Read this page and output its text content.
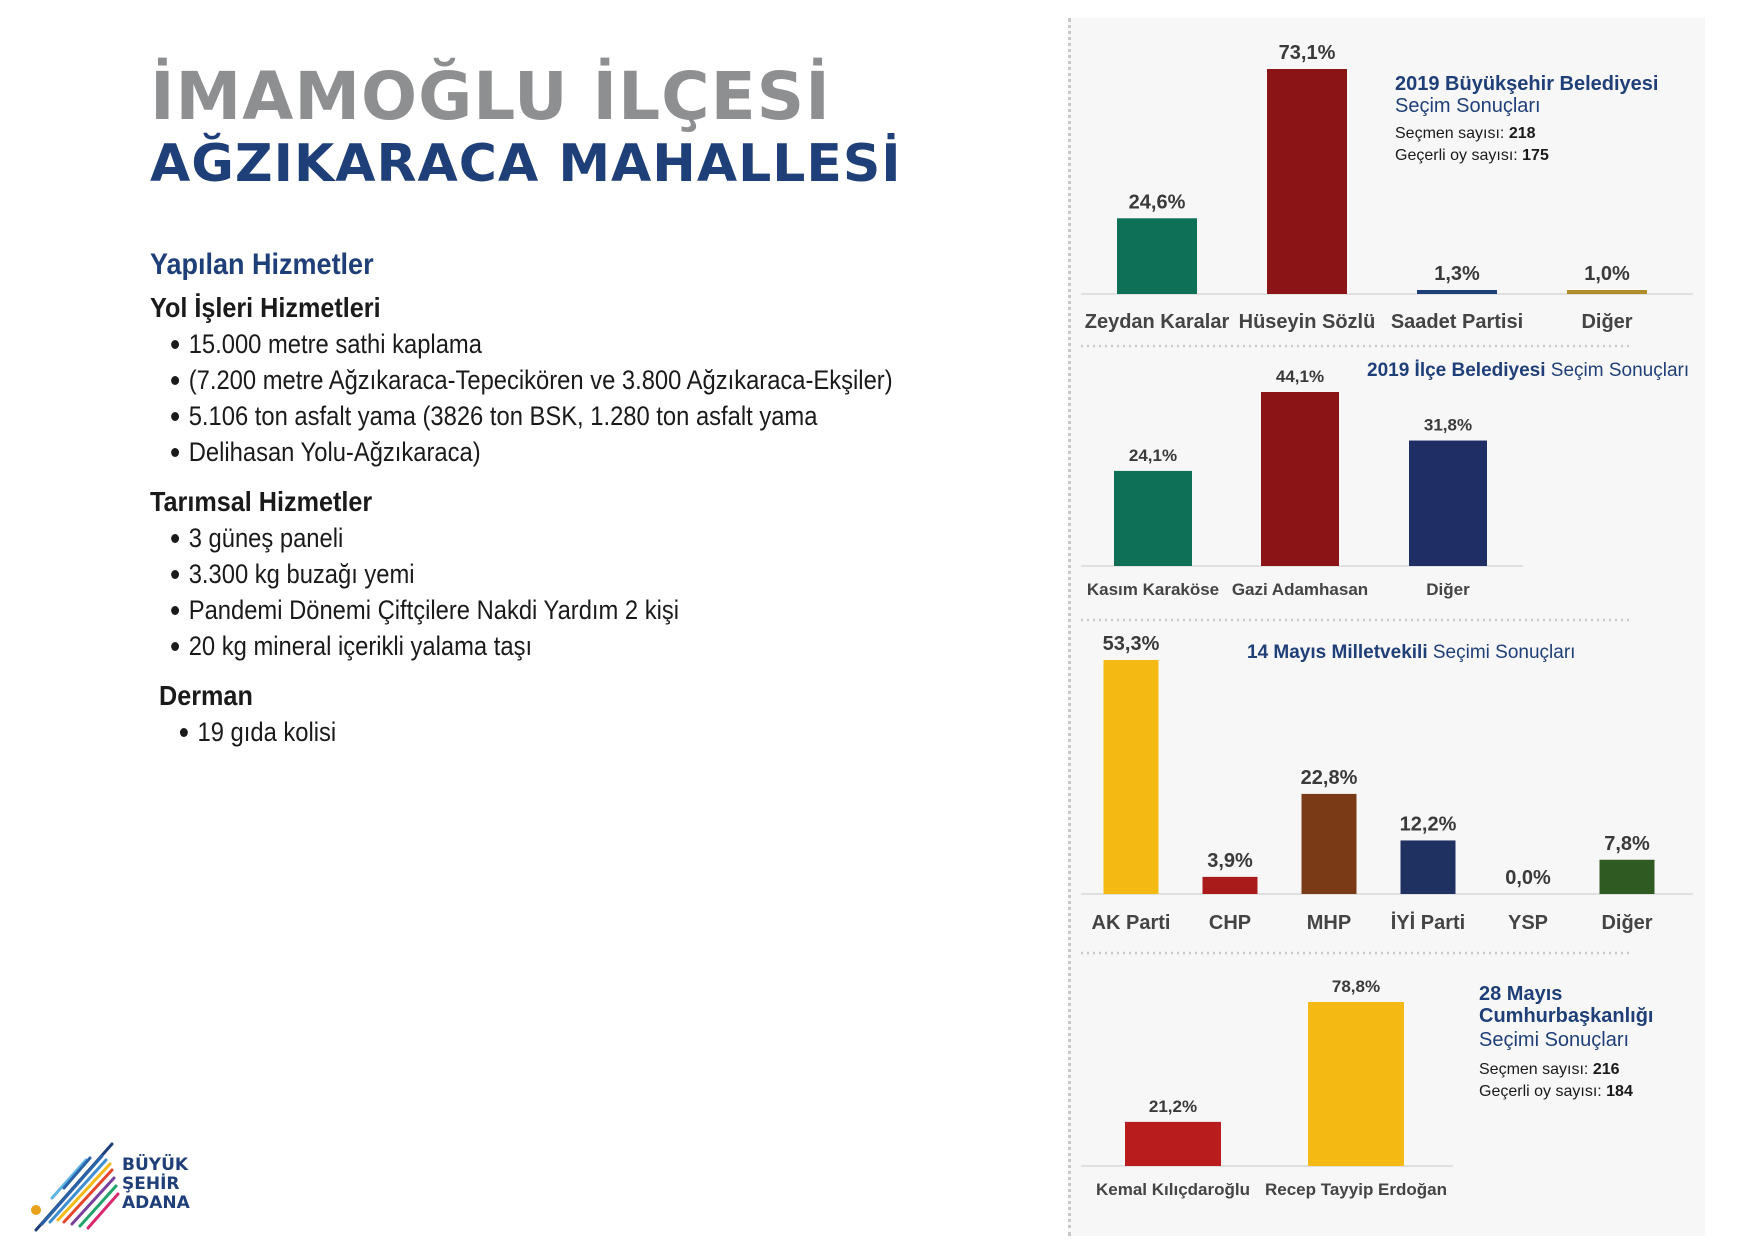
İMAMOĞLU İLÇESİ
AĞZIKARACA MAHALLESİ
Yapılan Hizmetler
Yol İşleri Hizmetleri
15.000 metre sathi kaplama
(7.200 metre Ağzıkaraca-Tepecikören ve 3.800 Ağzıkaraca-Ekşiler)
5.106 ton asfalt yama (3826 ton BSK, 1.280 ton asfalt yama
Delihasan Yolu-Ağzıkaraca)
Tarımsal Hizmetler
3 güneş paneli
3.300 kg buzağı yemi
Pandemi Dönemi Çiftçilere Nakdi Yardım 2 kişi
20 kg mineral içerikli yalama taşı
Derman
19 gıda kolisi
BÜYÜK
ŞEHİR
ADANA
24,6%
Zeydan Karalar
73,1%
Hüseyin Sözlü
1,3%
Saadet Partisi
1,0%
Diğer
2019 Büyükşehir Belediyesi
Seçim Sonuçları
Seçmen sayısı: 218
Geçerli oy sayısı: 175
24,1%
Kasım Karaköse
44,1%
Gazi Adamhasan
31,8%
Diğer
2019 İlçe Belediyesi Seçim Sonuçları
53,3%
AK Parti
3,9%
CHP
22,8%
MHP
12,2%
İYİ Parti
0,0%
YSP
7,8%
Diğer
14 Mayıs Milletvekili Seçimi Sonuçları
21,2%
Kemal Kılıçdaroğlu
78,8%
Recep Tayyip Erdoğan
28 Mayıs
Cumhurbaşkanlığı
Seçimi Sonuçları
Seçmen sayısı: 216
Geçerli oy sayısı: 184
